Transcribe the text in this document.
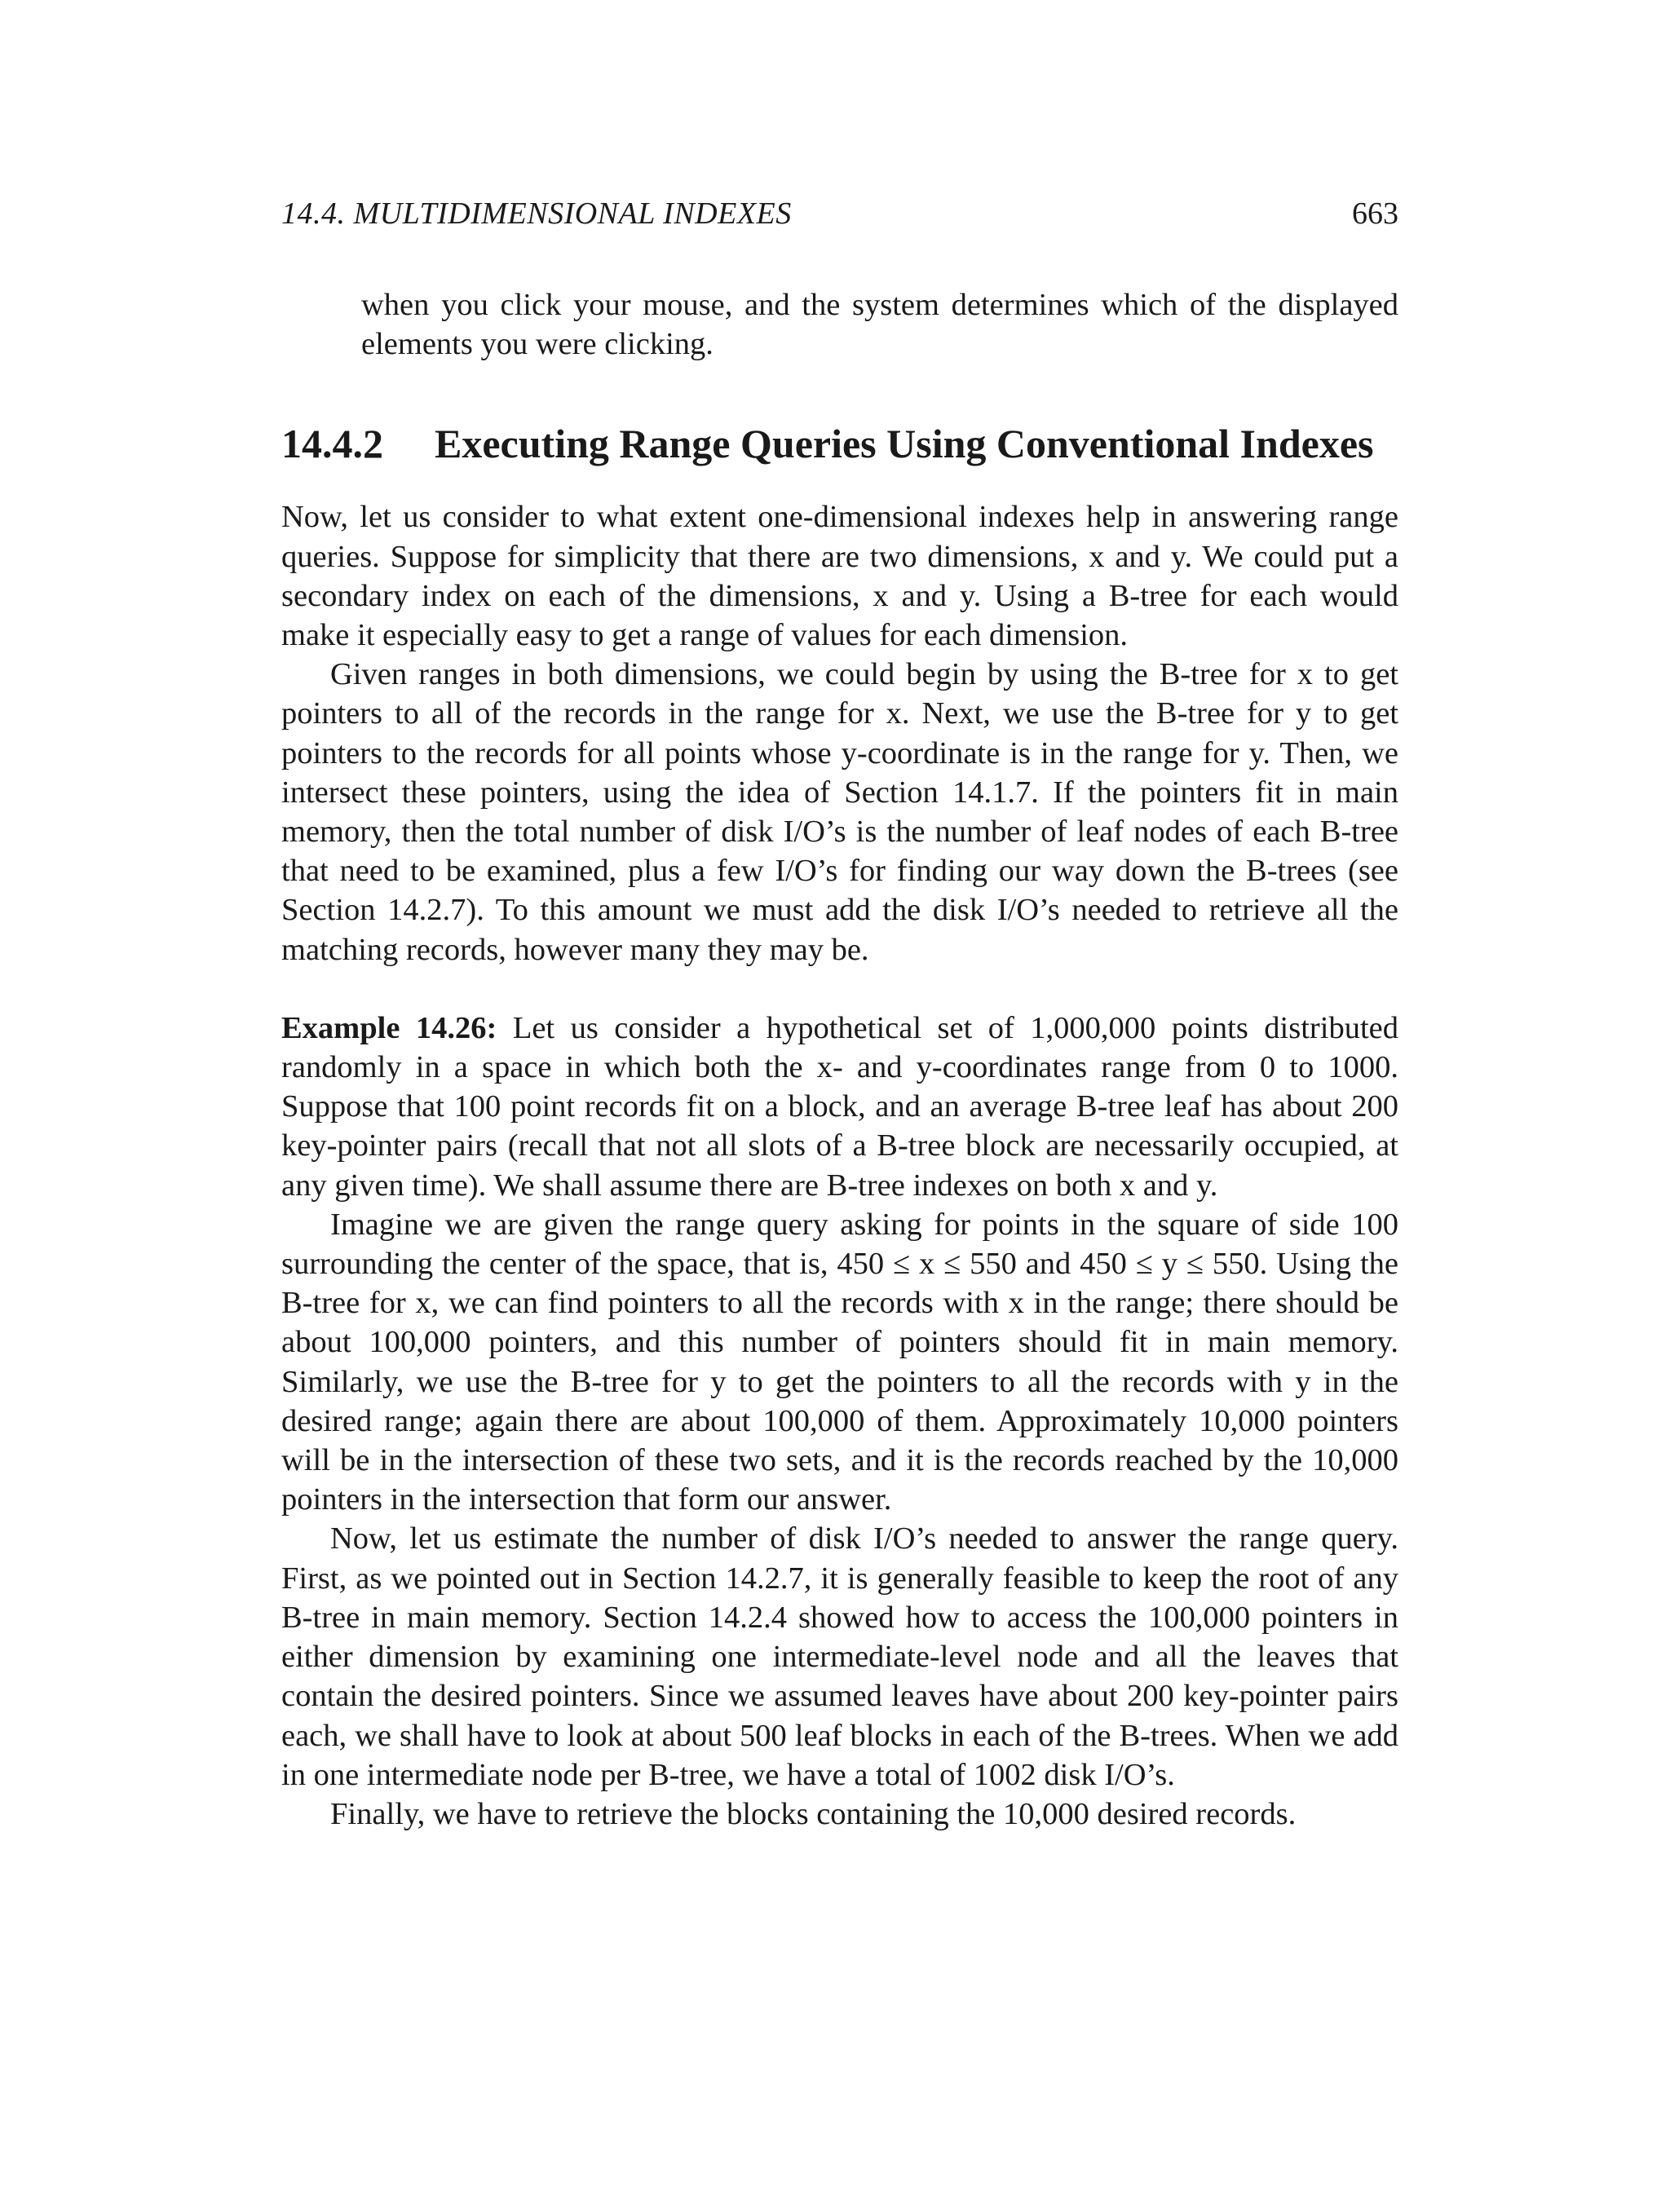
14.4. MULTIDIMENSIONAL INDEXES	663

when you click your mouse, and the system determines which of the displayed elements you were clicking.

14.4.2	Executing Range Queries Using Conventional Indexes

Now, let us consider to what extent one-dimensional indexes help in answering range queries. Suppose for simplicity that there are two dimensions, x and y. We could put a secondary index on each of the dimensions, x and y. Using a B-tree for each would make it especially easy to get a range of values for each dimension.

Given ranges in both dimensions, we could begin by using the B-tree for x to get pointers to all of the records in the range for x. Next, we use the B-tree for y to get pointers to the records for all points whose y-coordinate is in the range for y. Then, we intersect these pointers, using the idea of Section 14.1.7. If the pointers fit in main memory, then the total number of disk I/O’s is the number of leaf nodes of each B-tree that need to be examined, plus a few I/O’s for finding our way down the B-trees (see Section 14.2.7). To this amount we must add the disk I/O’s needed to retrieve all the matching records, however many they may be.

Example 14.26: Let us consider a hypothetical set of 1,000,000 points distributed randomly in a space in which both the x- and y-coordinates range from 0 to 1000. Suppose that 100 point records fit on a block, and an average B-tree leaf has about 200 key-pointer pairs (recall that not all slots of a B-tree block are necessarily occupied, at any given time). We shall assume there are B-tree indexes on both x and y.

Imagine we are given the range query asking for points in the square of side 100 surrounding the center of the space, that is, 450 ≤ x ≤ 550 and 450 ≤ y ≤ 550. Using the B-tree for x, we can find pointers to all the records with x in the range; there should be about 100,000 pointers, and this number of pointers should fit in main memory. Similarly, we use the B-tree for y to get the pointers to all the records with y in the desired range; again there are about 100,000 of them. Approximately 10,000 pointers will be in the intersection of these two sets, and it is the records reached by the 10,000 pointers in the intersection that form our answer.

Now, let us estimate the number of disk I/O’s needed to answer the range query. First, as we pointed out in Section 14.2.7, it is generally feasible to keep the root of any B-tree in main memory. Section 14.2.4 showed how to access the 100,000 pointers in either dimension by examining one intermediate-level node and all the leaves that contain the desired pointers. Since we assumed leaves have about 200 key-pointer pairs each, we shall have to look at about 500 leaf blocks in each of the B-trees. When we add in one intermediate node per B-tree, we have a total of 1002 disk I/O’s.

Finally, we have to retrieve the blocks containing the 10,000 desired records.
